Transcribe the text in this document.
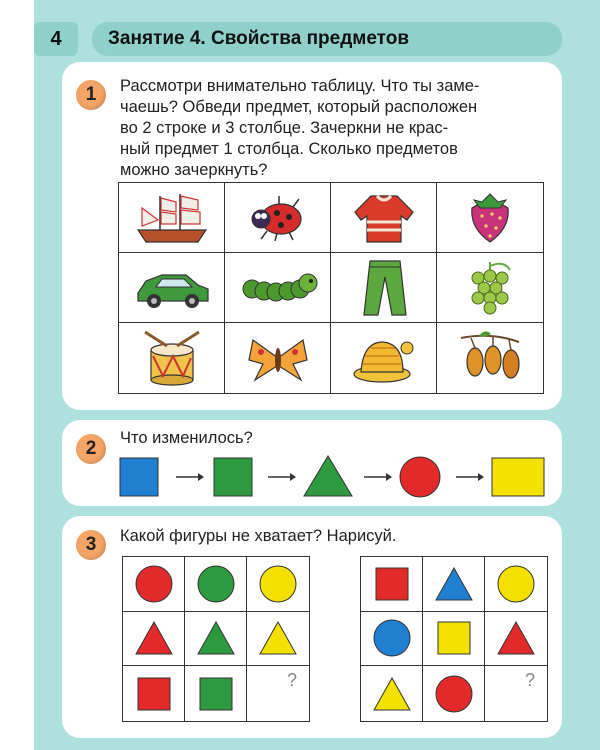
4	Занятие 4. Свойства предметов
1	Рассмотри внимательно таблицу. Что ты заме-
чаешь? Обведи предмет, который расположен
во 2 строке и 3 столбце. Зачеркни не крас-
ный предмет 1 столбца. Сколько предметов
можно зачеркнуть?
2	Что изменилось?
3	Какой фигуры не хватает? Нарисуй.
?	?
